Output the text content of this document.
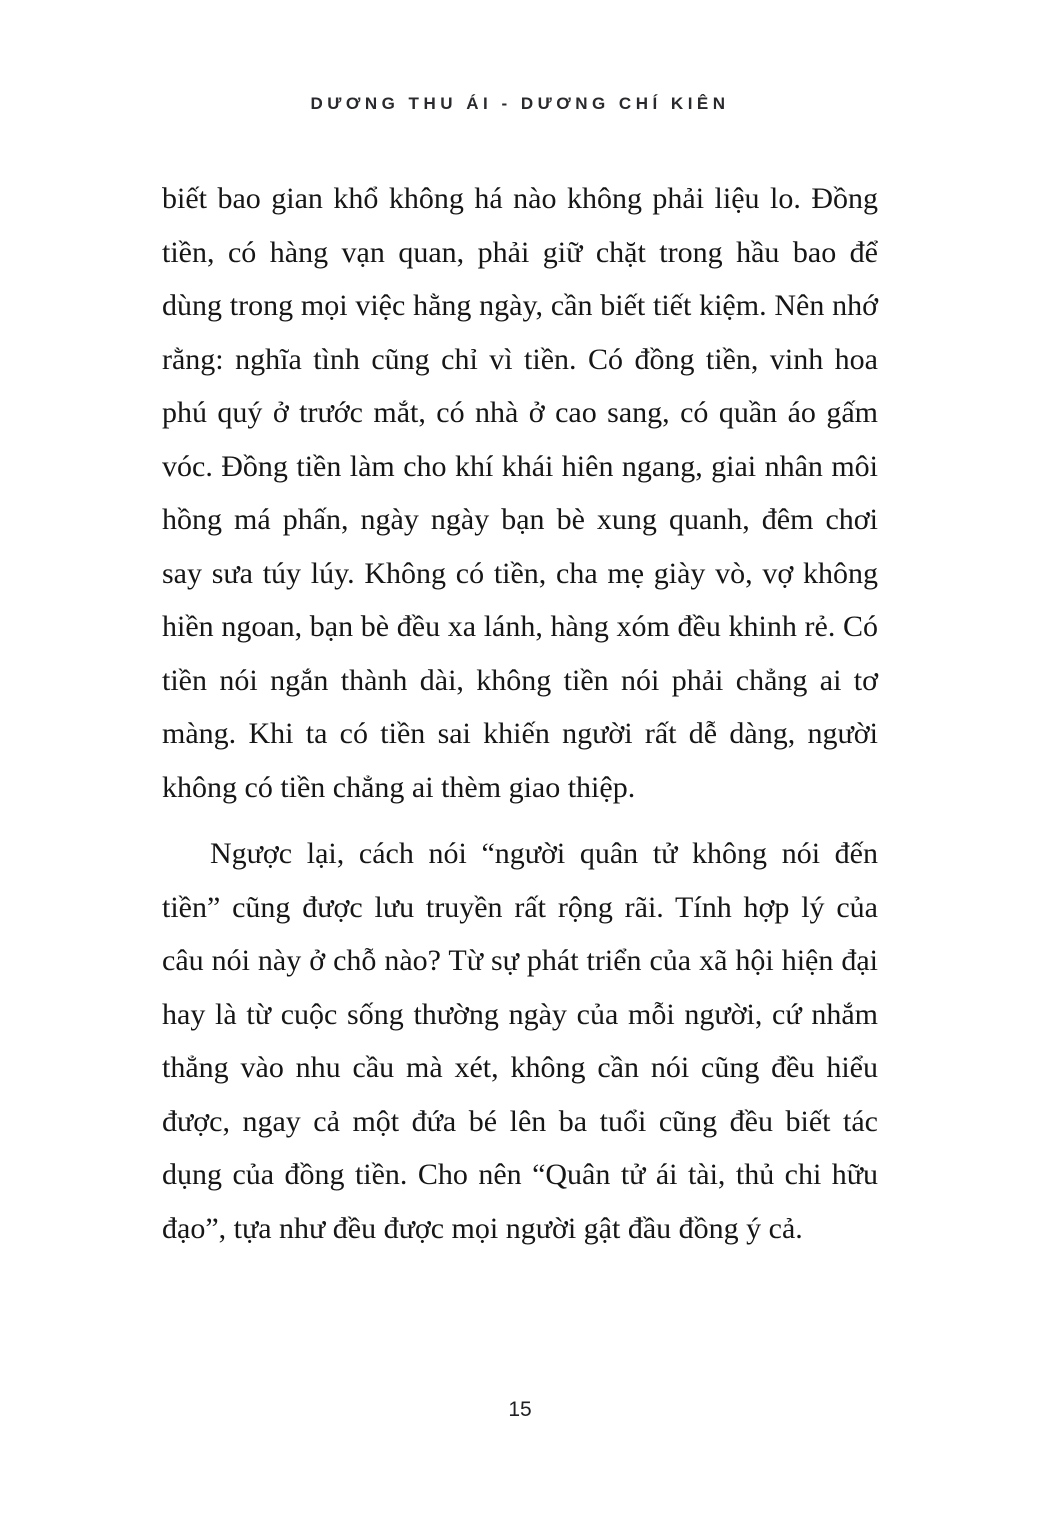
DƯƠNG THU ÁI - DƯƠNG CHÍ KIÊN

biết bao gian khổ không há nào không phải liệu lo. Đồng tiền, có hàng vạn quan, phải giữ chặt trong hầu bao để dùng trong mọi việc hằng ngày, cần biết tiết kiệm. Nên nhớ rằng: nghĩa tình cũng chỉ vì tiền. Có đồng tiền, vinh hoa phú quý ở trước mắt, có nhà ở cao sang, có quần áo gấm vóc. Đồng tiền làm cho khí khái hiên ngang, giai nhân môi hồng má phấn, ngày ngày bạn bè xung quanh, đêm chơi say sưa túy lúy. Không có tiền, cha mẹ giày vò, vợ không hiền ngoan, bạn bè đều xa lánh, hàng xóm đều khinh rẻ. Có tiền nói ngắn thành dài, không tiền nói phải chẳng ai tơ màng. Khi ta có tiền sai khiến người rất dễ dàng, người không có tiền chẳng ai thèm giao thiệp.

Ngược lại, cách nói “người quân tử không nói đến tiền” cũng được lưu truyền rất rộng rãi. Tính hợp lý của câu nói này ở chỗ nào? Từ sự phát triển của xã hội hiện đại hay là từ cuộc sống thường ngày của mỗi người, cứ nhắm thẳng vào nhu cầu mà xét, không cần nói cũng đều hiểu được, ngay cả một đứa bé lên ba tuổi cũng đều biết tác dụng của đồng tiền. Cho nên “Quân tử ái tài, thủ chi hữu đạo”, tựa như đều được mọi người gật đầu đồng ý cả.

15
